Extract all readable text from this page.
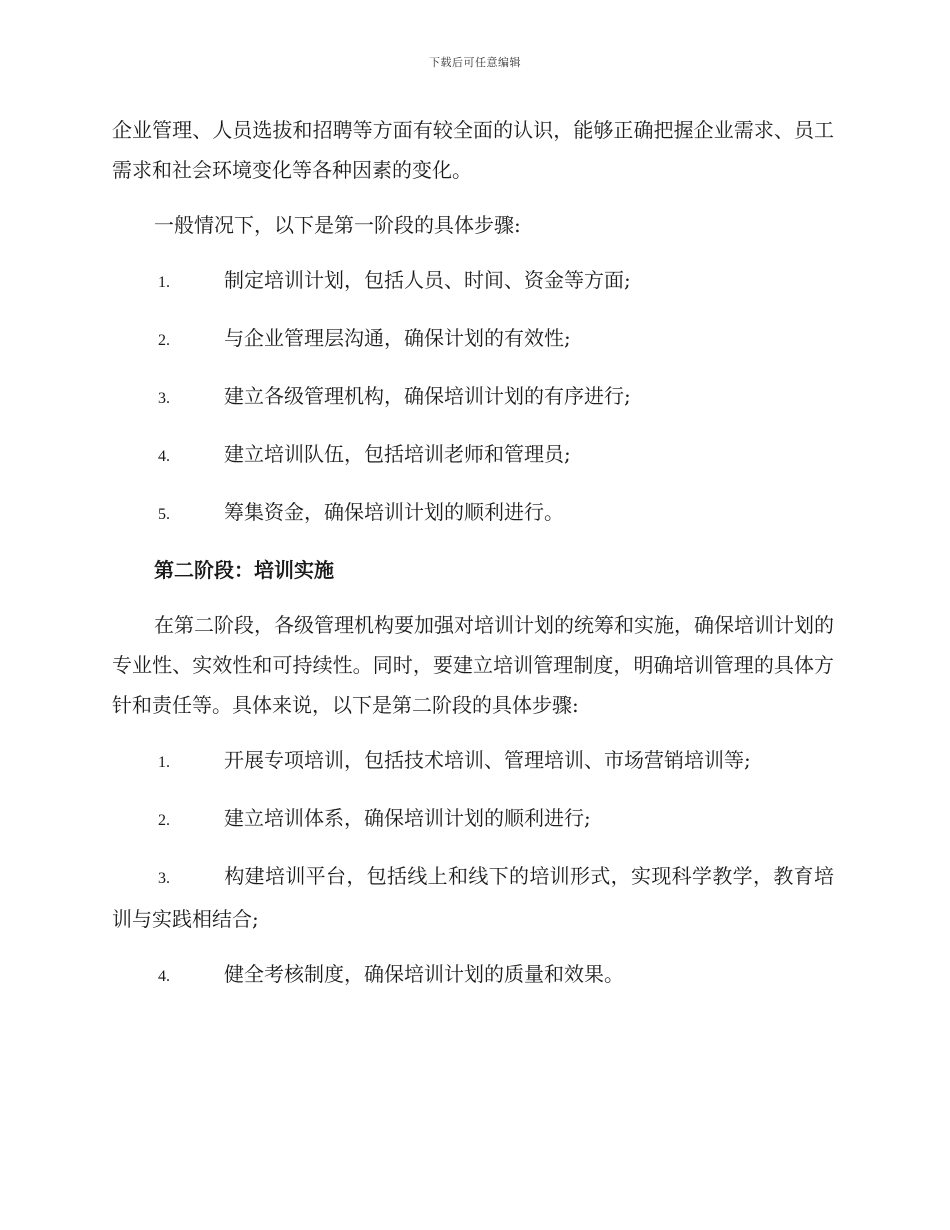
下载后可任意编辑

企业管理、人员选拔和招聘等方面有较全面的认识，能够正确把握企业需求、员工需求和社会环境变化等各种因素的变化。

一般情况下，以下是第一阶段的具体步骤:

1.	制定培训计划，包括人员、时间、资金等方面;

2.	与企业管理层沟通，确保计划的有效性;

3.	建立各级管理机构，确保培训计划的有序进行;

4.	建立培训队伍，包括培训老师和管理员;

5.	筹集资金，确保培训计划的顺利进行。

第二阶段：培训实施

在第二阶段，各级管理机构要加强对培训计划的统筹和实施，确保培训计划的专业性、实效性和可持续性。同时，要建立培训管理制度，明确培训管理的具体方针和责任等。具体来说，以下是第二阶段的具体步骤:

1.	开展专项培训，包括技术培训、管理培训、市场营销培训等;

2.	建立培训体系，确保培训计划的顺利进行;

3.	构建培训平台，包括线上和线下的培训形式，实现科学教学，教育培训与实践相结合;

4.	健全考核制度，确保培训计划的质量和效果。
